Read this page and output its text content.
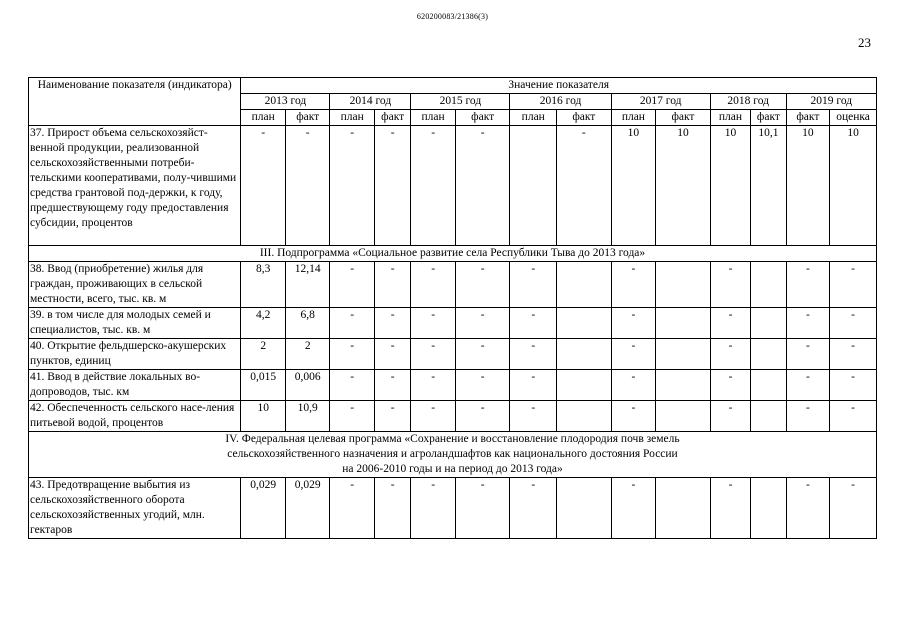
620200083/21386(3)
23
Наименование показателя (индикатора)	Значение показателя													
	2013 год		2014 год		2015 год		2016 год		2017 год		2018 год		2019 год	
	план	факт	план	факт	план	факт	план	факт	план	факт	план	факт	факт	оценка
37. Прирост объема сельскохозяйст-венной продукции, реализованной сельскохозяйственными потреби-тельскими кооперативами, полу-чившими средства грантовой под-держки, к году, предшествующему году предоставления субсидии, процентов	-	-	-	-	-	-		-	10	10	10	10,1	10	10
III. Подпрограмма «Социальное развитие села Республики Тыва до 2013 года»														
38. Ввод (приобретение) жилья для граждан, проживающих в сельской местности, всего, тыс. кв. м	8,3	12,14	-	-	-	-	-		-		-		-	-
39. в том числе для молодых семей и специалистов, тыс. кв. м	4,2	6,8	-	-	-	-	-		-		-		-	-
40. Открытие фельдшерско-акушерских пунктов, единиц	2	2	-	-	-	-	-		-		-		-	-
41. Ввод в действие локальных во-допроводов, тыс. км	0,015	0,006	-	-	-	-	-		-		-		-	-
42. Обеспеченность сельского насе-ления питьевой водой, процентов	10	10,9	-	-	-	-	-		-		-		-	-

IV. Федеральная целевая программа «Сохранение и восстановление плодородия почв земель
сельскохозяйственного назначения и агроландшафтов как национального достояния России
на 2006-2010 годы и на период до 2013 года»														

43. Предотвращение выбытия из сельскохозяйственного оборота сельскохозяйственных угодий, млн. гектаров	0,029	0,029	-	-	-	-	-		-		-		-	-
